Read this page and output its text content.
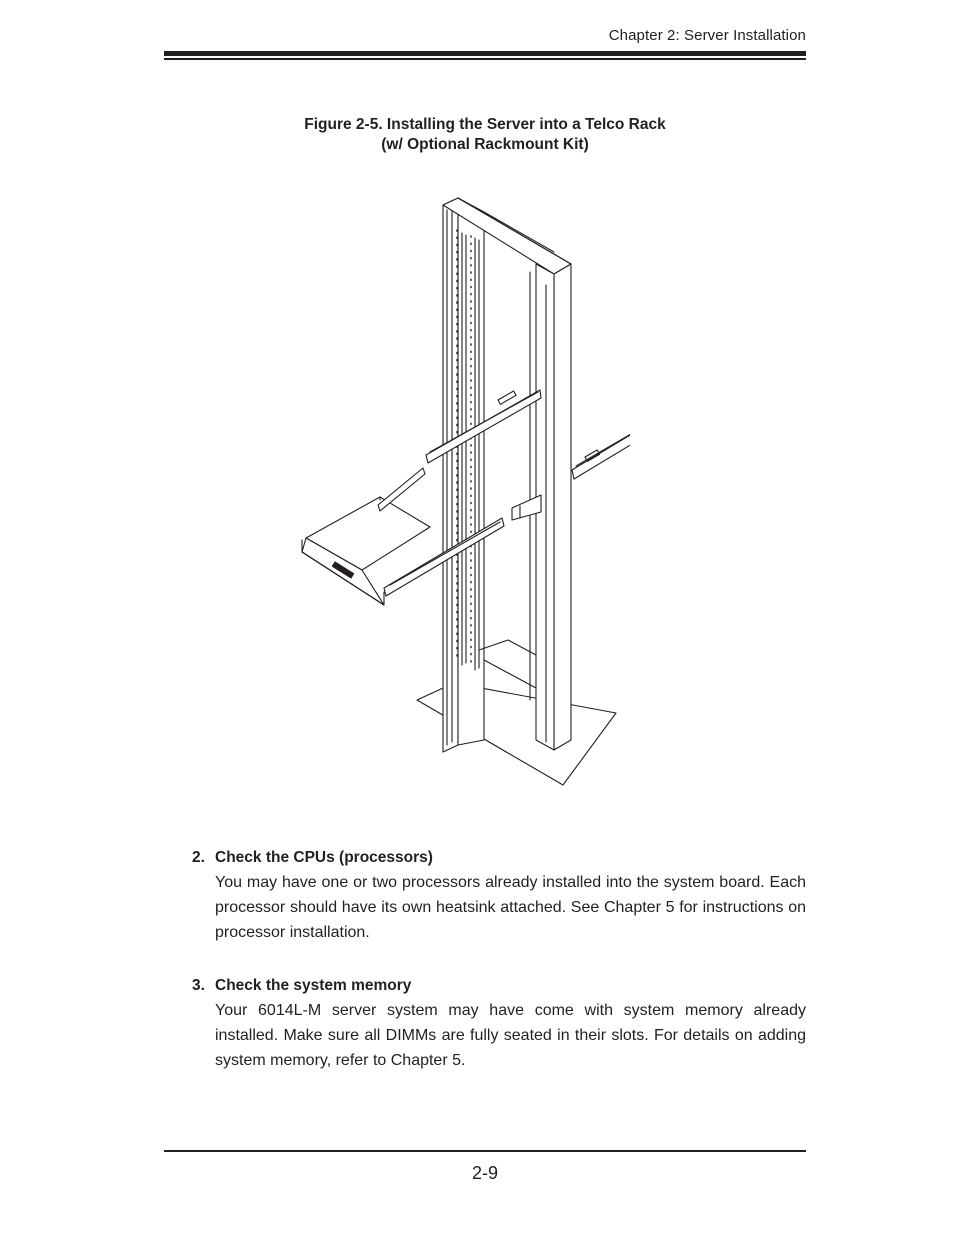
Chapter 2: Server Installation
Figure 2-5. Installing the Server into a Telco Rack
(w/ Optional Rackmount Kit)
2. Check the CPUs (processors)
You may have one or two processors already installed into the system board. Each processor should have its own heatsink attached. See Chapter 5 for instructions on processor installation.
3. Check the system memory
Your 6014L-M server system may have come with system memory already installed. Make sure all DIMMs are fully seated in their slots. For details on adding system memory, refer to Chapter 5.
2-9
